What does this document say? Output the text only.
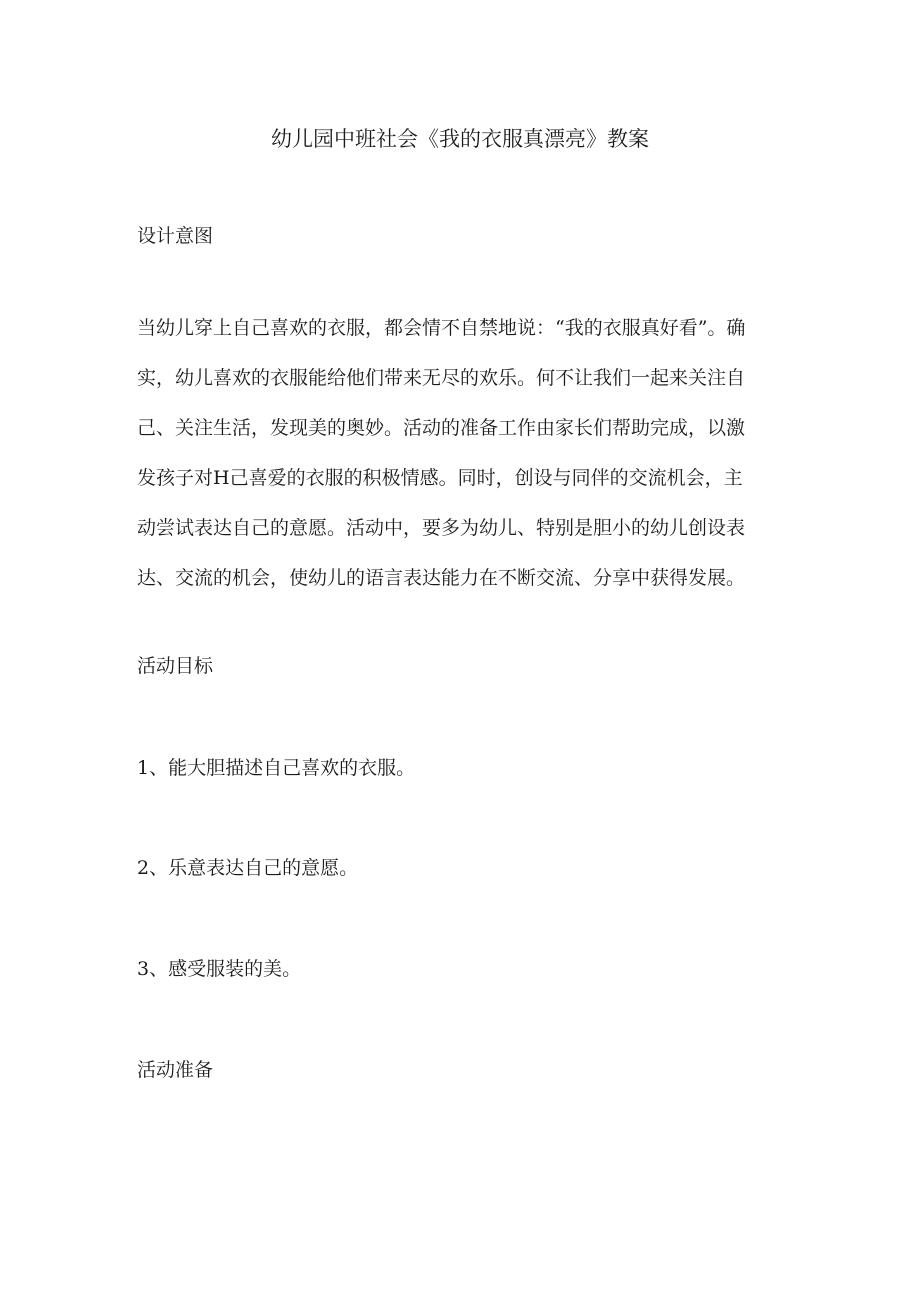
幼儿园中班社会《我的衣服真漂亮》教案
设计意图
当幼儿穿上自己喜欢的衣服，都会情不自禁地说：“我的衣服真好看”。确
实，幼儿喜欢的衣服能给他们带来无尽的欢乐。何不让我们一起来关注自
己、关注生活，发现美的奥妙。活动的准备工作由家长们帮助完成，以激
发孩子对H己喜爱的衣服的积极情感。同时，创设与同伴的交流机会，主
动尝试表达自己的意愿。活动中，要多为幼儿、特别是胆小的幼儿创设表
达、交流的机会，使幼儿的语言表达能力在不断交流、分享中获得发展。
活动目标

1、能大胆描述自己喜欢的衣服。

2、乐意表达自己的意愿。

3、感受服装的美。

活动准备
